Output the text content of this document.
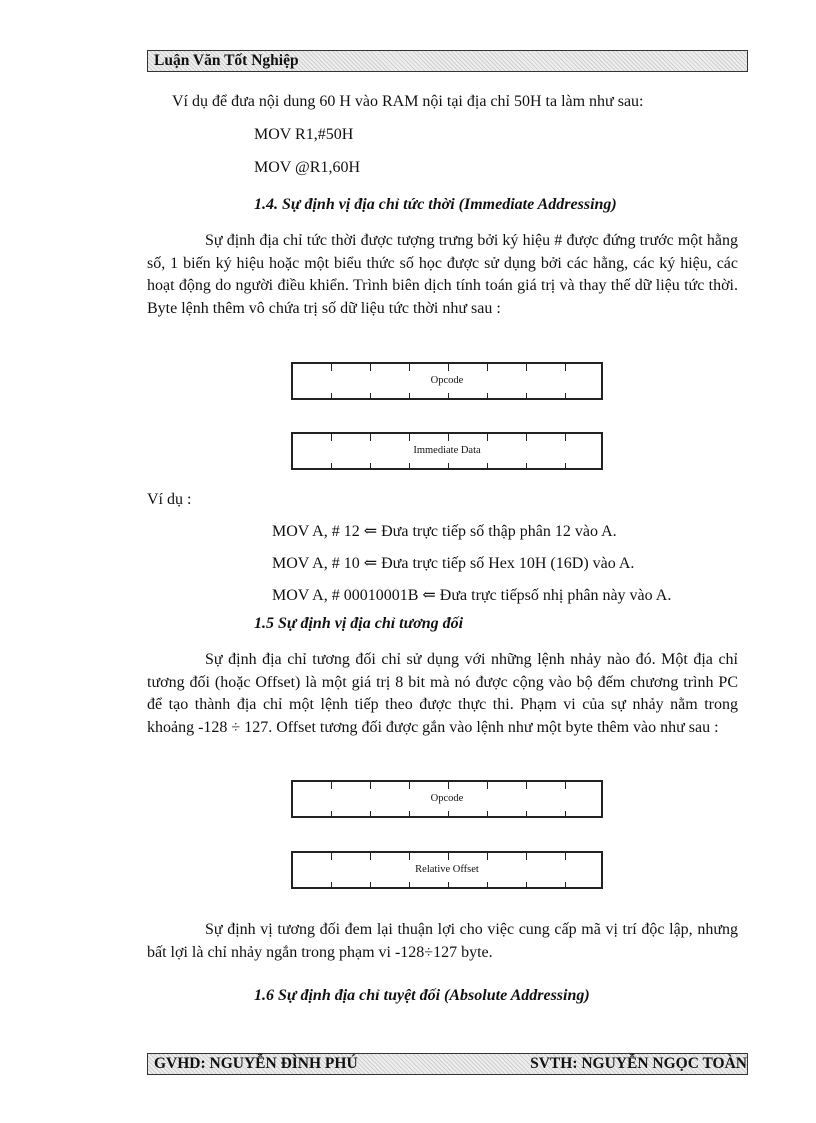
Luận Văn Tốt Nghiệp
Ví dụ để đưa nội dung 60 H vào RAM nội tại địa chỉ 50H ta làm như sau:
MOV R1,#50H
MOV @R1,60H
1.4. Sự định vị địa chỉ tức thời (Immediate Addressing)
Sự định địa chỉ tức thời được tượng trưng bởi ký hiệu # được đứng trước một hằng số, 1 biến ký hiệu hoặc một biểu thức số học được sử dụng bởi các hằng, các ký hiệu, các hoạt động do người điều khiển. Trình biên dịch tính toán giá trị và thay thế dữ liệu tức thời. Byte lệnh thêm vô chứa trị số dữ liệu tức thời như sau :
Opcode
Immediate Data
Ví dụ :
MOV A, # 12 ⇐ Đưa trực tiếp số thập phân 12 vào A.
MOV A, # 10 ⇐ Đưa trực tiếp số Hex 10H (16D) vào A.
MOV A, # 00010001B ⇐ Đưa trực tiếpsố nhị phân này vào A.
1.5 Sự định vị địa chỉ tương đối
Sự định địa chỉ tương đối chỉ sử dụng với những lệnh nhảy nào đó. Một địa chỉ tương đối (hoặc Offset) là một giá trị 8 bit mà nó được cộng vào bộ đếm chương trình PC để tạo thành địa chỉ một lệnh tiếp theo được thực thi. Phạm vi của sự nhảy nằm trong khoảng -128 ÷ 127. Offset tương đối được gắn vào lệnh như một byte thêm vào như sau :
Opcode
Relative Offset
Sự định vị tương đối đem lại thuận lợi cho việc cung cấp mã vị trí độc lập, nhưng bất lợi là chỉ nhảy ngắn trong phạm vi -128÷127 byte.
1.6 Sự định địa chỉ tuyệt đối (Absolute Addressing)
GVHD: NGUYỄN ĐÌNH PHÚ	SVTH: NGUYỄN NGỌC TOÀN
